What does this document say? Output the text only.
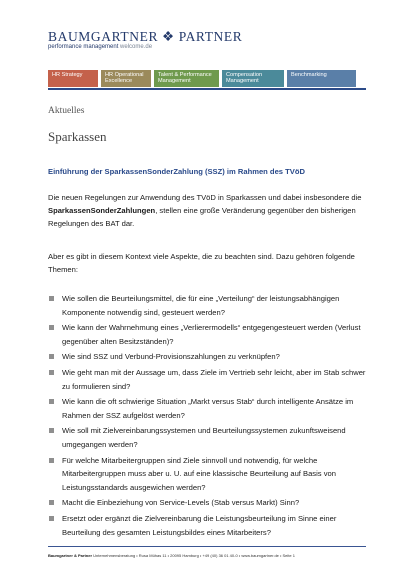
BAUMGARTNER ❖ PARTNER
performance management welcome.de
HR Strategy	HR Operational Excellence
Talent & Performance Management
Compensation Management
Benchmarking
Aktuelles
Sparkassen
Einführung der SparkassenSonderZahlung (SSZ) im Rahmen des TVöD
Die neuen Regelungen zur Anwendung des TVöD in Sparkassen und dabei insbesondere die SparkassenSonderZahlungen, stellen eine große Veränderung gegenüber den bisherigen Regelungen des BAT dar.
Aber es gibt in diesem Kontext viele Aspekte, die zu beachten sind. Dazu gehören folgende Themen:
Wie sollen die Beurteilungsmittel, die für eine „Verteilung“ der leistungsabhängigen Komponente notwendig sind, gesteuert werden?
Wie kann der Wahrnehmung eines „Verlierermodells“ entgegengesteuert werden (Verlust gegenüber alten Besitzständen)?
Wie sind SSZ und Verbund-Provisionszahlungen zu verknüpfen?
Wie geht man mit der Aussage um, dass Ziele im Vertrieb sehr leicht, aber im Stab schwer zu formulieren sind?
Wie kann die oft schwierige Situation „Markt versus Stab“ durch intelligente Ansätze im Rahmen der SSZ aufgelöst werden?
Wie soll mit Zielvereinbarungssystemen und Beurteilungssystemen zukunftsweisend umgegangen werden?
Für welche Mitarbeitergruppen sind Ziele sinnvoll und notwendig, für welche Mitarbeitergruppen muss aber u. U. auf eine klassische Beurteilung auf Basis von Leistungsstandards ausgewichen werden?
Macht die Einbeziehung von Service-Levels (Stab versus Markt) Sinn?
Ersetzt oder ergänzt die Zielvereinbarung die Leistungsbeurteilung im Sinne einer Beurteilung des gesamten Leistungsbildes eines Mitarbeiters?
Baumgartner & Partner Unternehmensberatung • Rusa Mühas 11 • 20095 Hamburg • +49 (40) 36 01 40-0 • www.baumgartner.de • Seite 1
